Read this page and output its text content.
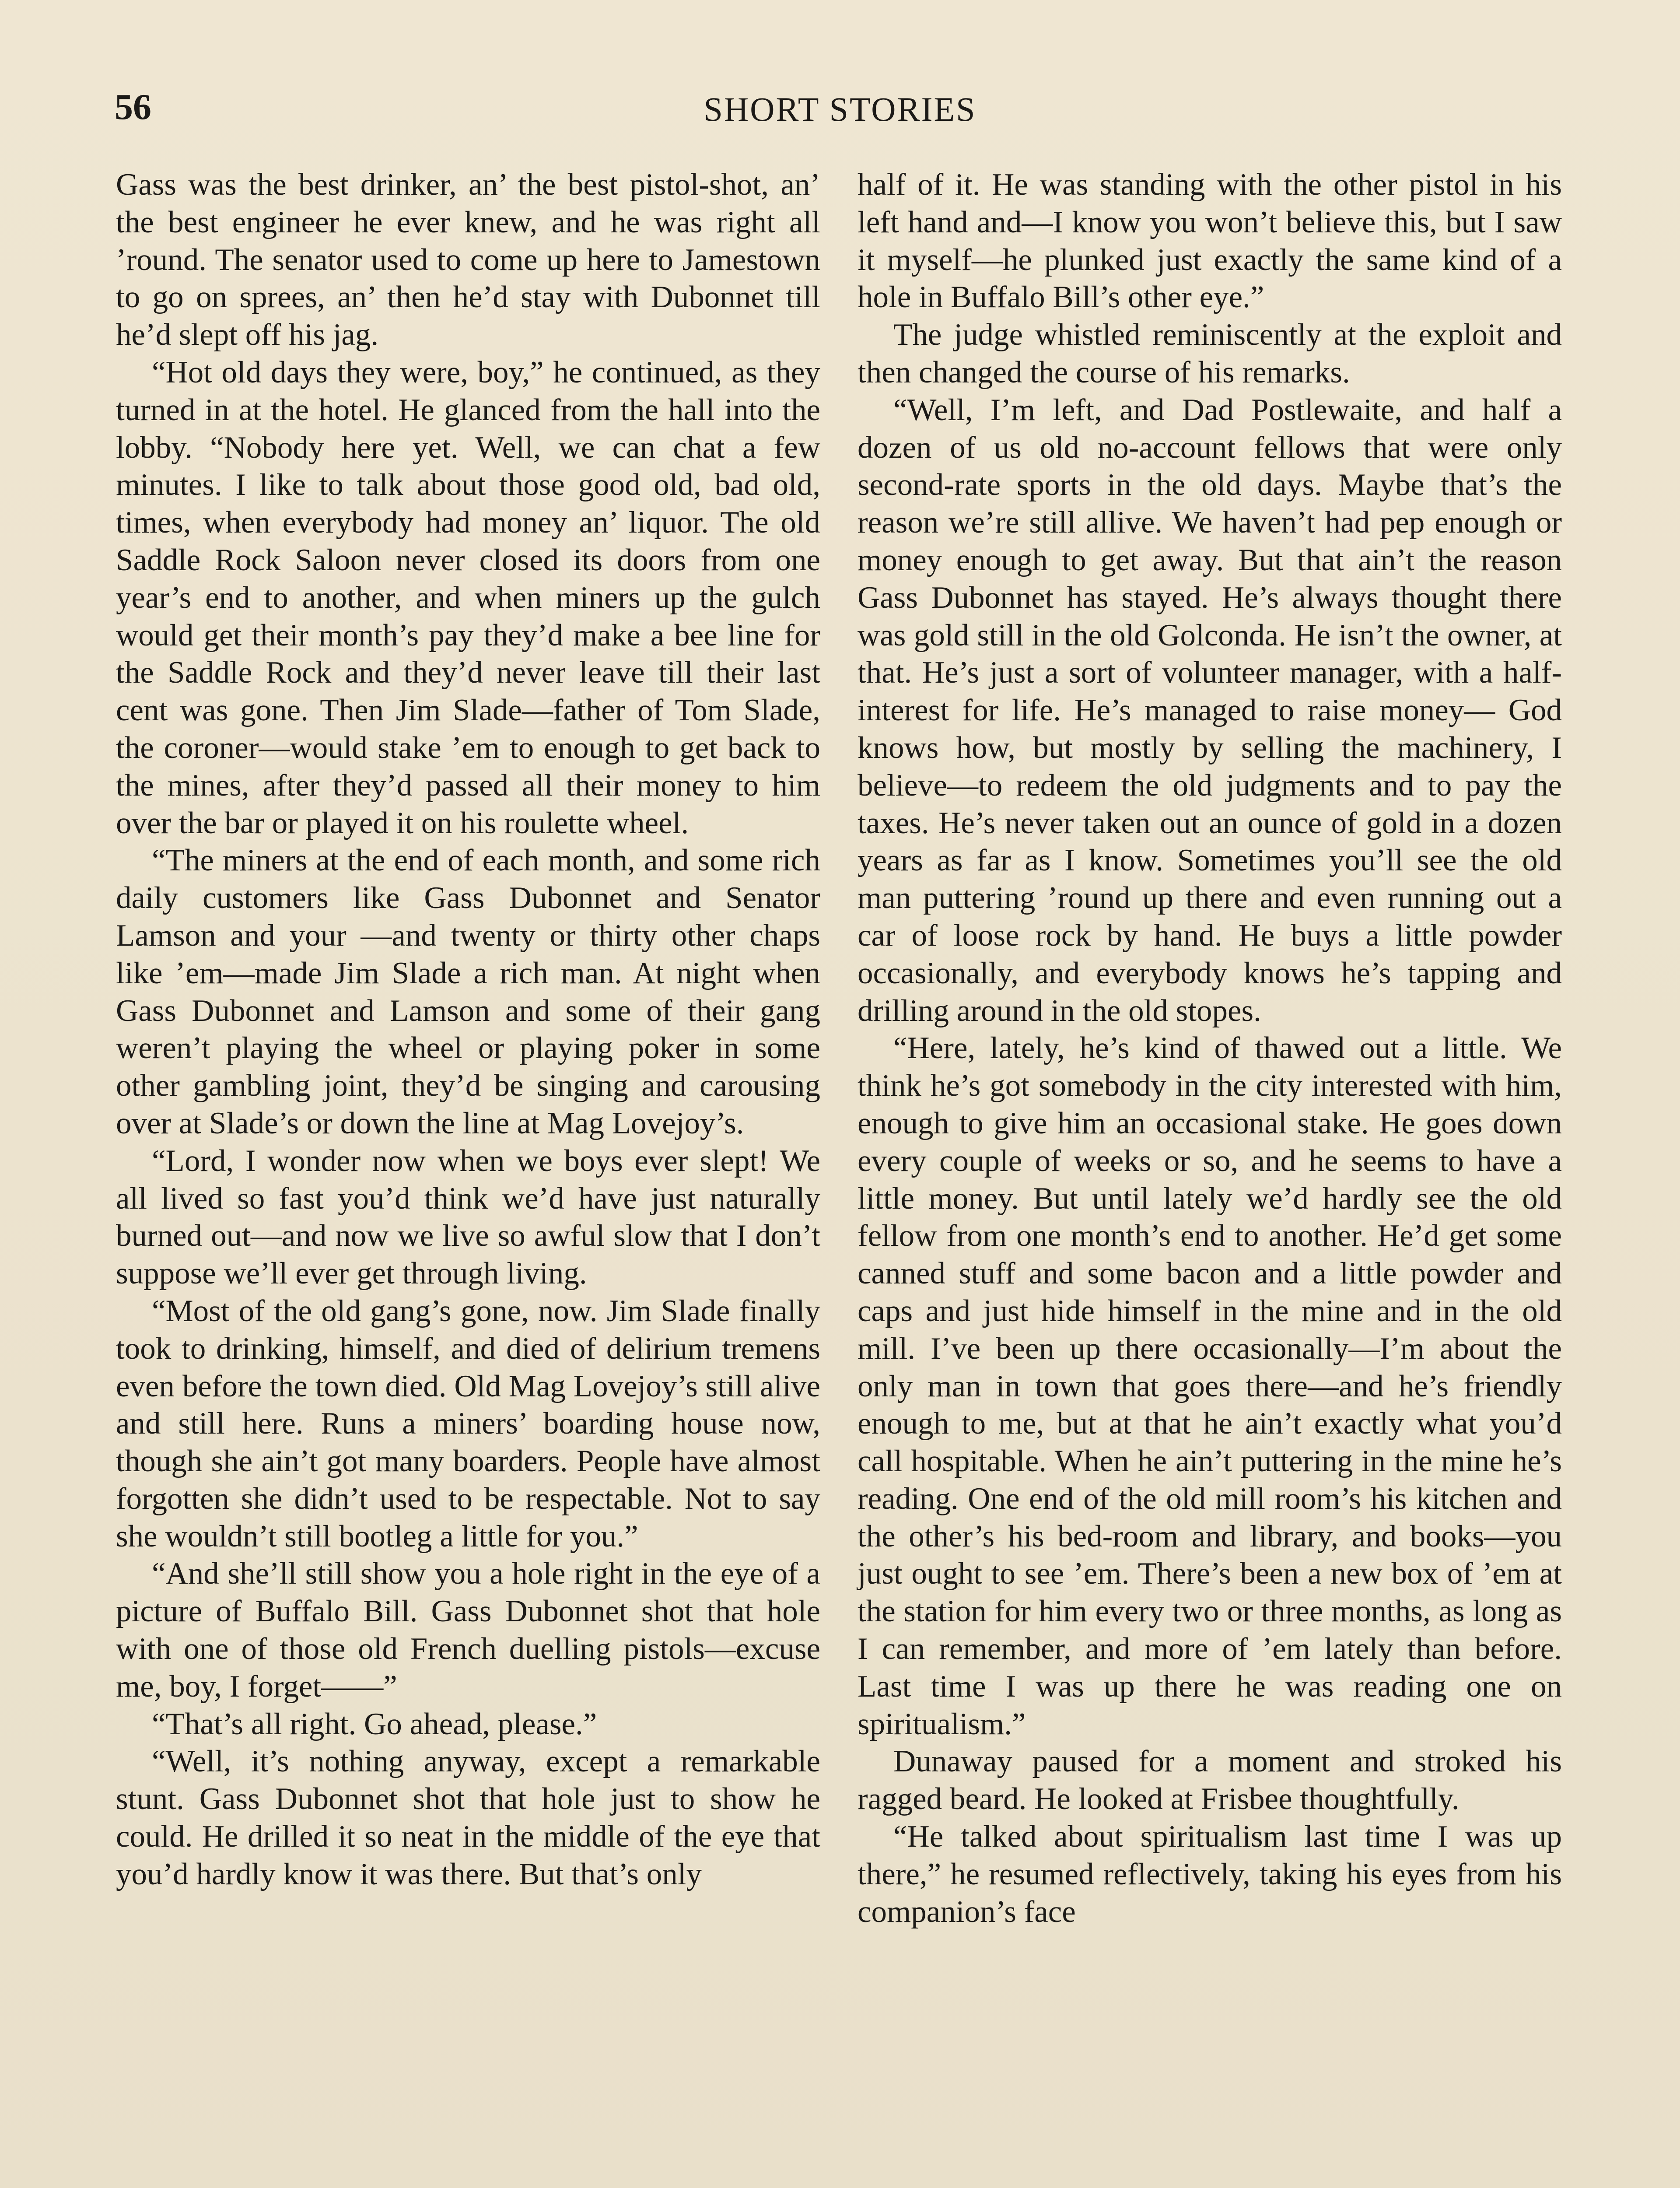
56	SHORT STORIES

Gass was the best drinker, an’ the best pistol-shot, an’ the best engineer he ever knew, and he was right all ’round. The senator used to come up here to Jamestown to go on sprees, an’ then he’d stay with Dubonnet till he’d slept off his jag.

“Hot old days they were, boy,” he continued, as they turned in at the hotel. He glanced from the hall into the lobby. “Nobody here yet. Well, we can chat a few minutes. I like to talk about those good old, bad old, times, when everybody had money an’ liquor. The old Saddle Rock Saloon never closed its doors from one year’s end to another, and when miners up the gulch would get their month’s pay they’d make a bee line for the Saddle Rock and they’d never leave till their last cent was gone. Then Jim Slade—father of Tom Slade, the coroner—would stake ’em to enough to get back to the mines, after they’d passed all their money to him over the bar or played it on his roulette wheel.

“The miners at the end of each month, and some rich daily customers like Gass Dubonnet and Senator Lamson and your —and twenty or thirty other chaps like ’em—made Jim Slade a rich man. At night when Gass Dubonnet and Lamson and some of their gang weren’t playing the wheel or playing poker in some other gambling joint, they’d be singing and carousing over at Slade’s or down the line at Mag Lovejoy’s.

“Lord, I wonder now when we boys ever slept! We all lived so fast you’d think we’d have just naturally burned out—and now we live so awful slow that I don’t suppose we’ll ever get through living.

“Most of the old gang’s gone, now. Jim Slade finally took to drinking, himself, and died of delirium tremens even before the town died. Old Mag Lovejoy’s still alive and still here. Runs a miners’ boarding house now, though she ain’t got many boarders. People have almost forgotten she didn’t used to be respectable. Not to say she wouldn’t still bootleg a little for you.”

“And she’ll still show you a hole right in the eye of a picture of Buffalo Bill. Gass Dubonnet shot that hole with one of those old French duelling pistols—excuse me, boy, I forget——”

“That’s all right. Go ahead, please.”

“Well, it’s nothing anyway, except a remarkable stunt. Gass Dubonnet shot that hole just to show he could. He drilled it so neat in the middle of the eye that you’d hardly know it was there. But that’s only

half of it. He was standing with the other pistol in his left hand and—I know you won’t believe this, but I saw it myself—he plunked just exactly the same kind of a hole in Buffalo Bill’s other eye.”

The judge whistled reminiscently at the exploit and then changed the course of his remarks.

“Well, I’m left, and Dad Postlewaite, and half a dozen of us old no-account fellows that were only second-rate sports in the old days. Maybe that’s the reason we’re still allive. We haven’t had pep enough or money enough to get away. But that ain’t the reason Gass Dubonnet has stayed. He’s always thought there was gold still in the old Golconda. He isn’t the owner, at that. He’s just a sort of volunteer manager, with a half-interest for life. He’s managed to raise money— God knows how, but mostly by selling the machinery, I believe—to redeem the old judgments and to pay the taxes. He’s never taken out an ounce of gold in a dozen years as far as I know. Sometimes you’ll see the old man puttering ’round up there and even running out a car of loose rock by hand. He buys a little powder occasionally, and everybody knows he’s tapping and drilling around in the old stopes.

“Here, lately, he’s kind of thawed out a little. We think he’s got somebody in the city interested with him, enough to give him an occasional stake. He goes down every couple of weeks or so, and he seems to have a little money. But until lately we’d hardly see the old fellow from one month’s end to another. He’d get some canned stuff and some bacon and a little powder and caps and just hide himself in the mine and in the old mill. I’ve been up there occasionally—I’m about the only man in town that goes there—and he’s friendly enough to me, but at that he ain’t exactly what you’d call hospitable. When he ain’t puttering in the mine he’s reading. One end of the old mill room’s his kitchen and the other’s his bed-room and library, and books—you just ought to see ’em. There’s been a new box of ’em at the station for him every two or three months, as long as I can remember, and more of ’em lately than before. Last time I was up there he was reading one on spiritualism.”

Dunaway paused for a moment and stroked his ragged beard. He looked at Frisbee thoughtfully.

“He talked about spiritualism last time I was up there,” he resumed reflectively, taking his eyes from his companion’s face
